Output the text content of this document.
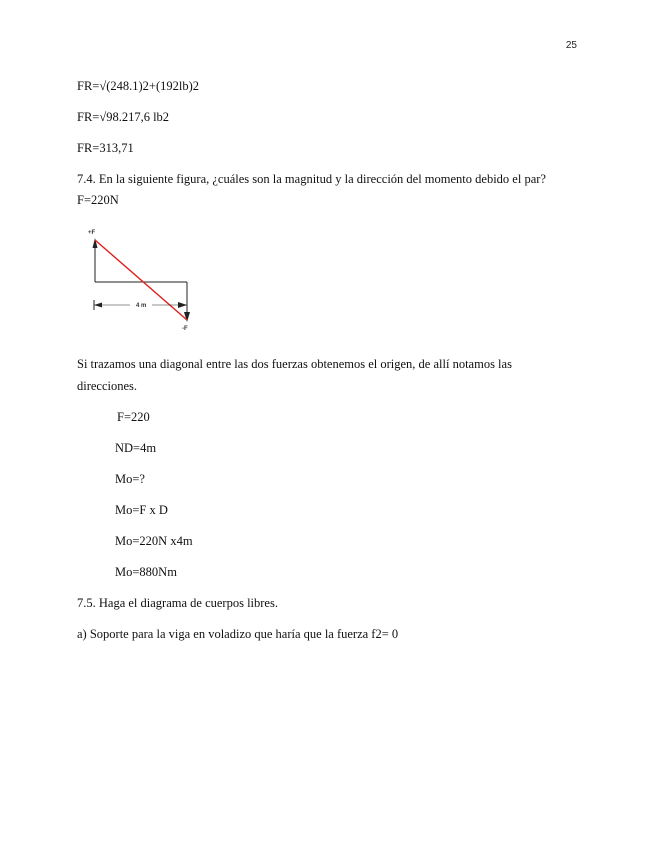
25
FR=√(248.1)2+(192lb)2
FR=√98.217,6 lb2
FR=313,71
7.4. En la siguiente figura, ¿cuáles son la magnitud y la dirección del momento debido el par?
F=220N
+F
4 m
-F
Si trazamos una diagonal entre las dos fuerzas obtenemos el origen, de allí notamos las
direcciones.
F=220
ND=4m
Mo=?
Mo=F x D
Mo=220N x4m
Mo=880Nm
7.5. Haga el diagrama de cuerpos libres.
a) Soporte para la viga en voladizo que haría que la fuerza f2= 0
